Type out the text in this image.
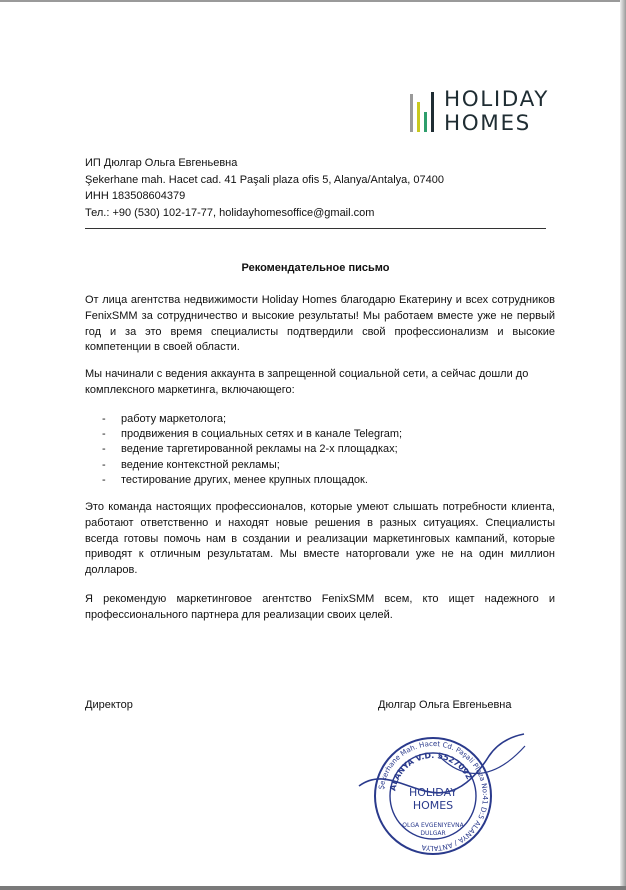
HOLIDAY
HOMES
ИП Дюлгар Ольга Евгеньевна
Şekerhane mah. Hacet cad. 41 Paşali plaza ofis 5, Alanya/Antalya, 07400
ИНН 183508604379
Тел.: +90 (530) 102-17-77, holidayhomesoffice@gmail.com
Рекомендательное письмо
От лица агентства недвижимости Holiday Homes благодарю Екатерину и всех сотрудников FenixSMM за сотрудничество и высокие результаты! Мы работаем вместе уже не первый год и за это время специалисты подтвердили свой профессионализм и высокие компетенции в своей области.
Мы начинали с ведения аккаунта в запрещенной социальной сети, а сейчас дошли до комплексного маркетинга, включающего:
- работу маркетолога;
- продвижения в социальных сетях и в канале Telegram;
- ведение таргетированной рекламы на 2-х площадках;
- ведение контекстной рекламы;
- тестирование других, менее крупных площадок.
Это команда настоящих профессионалов, которые умеют слышать потребности клиента, работают ответственно и находят новые решения в разных ситуациях. Специалисты всегда готовы помочь нам в создании и реализации маркетинговых кампаний, которые приводят к отличным результатам. Мы вместе наторговали уже не на один миллион долларов.
Я рекомендую маркетинговое агентство FenixSMM всем, кто ищет надежного и профессионального партнера для реализации своих целей.
Директор	Дюлгар Ольга Евгеньевна
Şekerhane Mah. Hacet Cd. Paşali Plaza No:41 D:5 ALANYA / ANTALYA
ALANYA V.D. 5527092
HOLIDAY
HOMES
OLGA EVGENIYEVNA
DULGAR
